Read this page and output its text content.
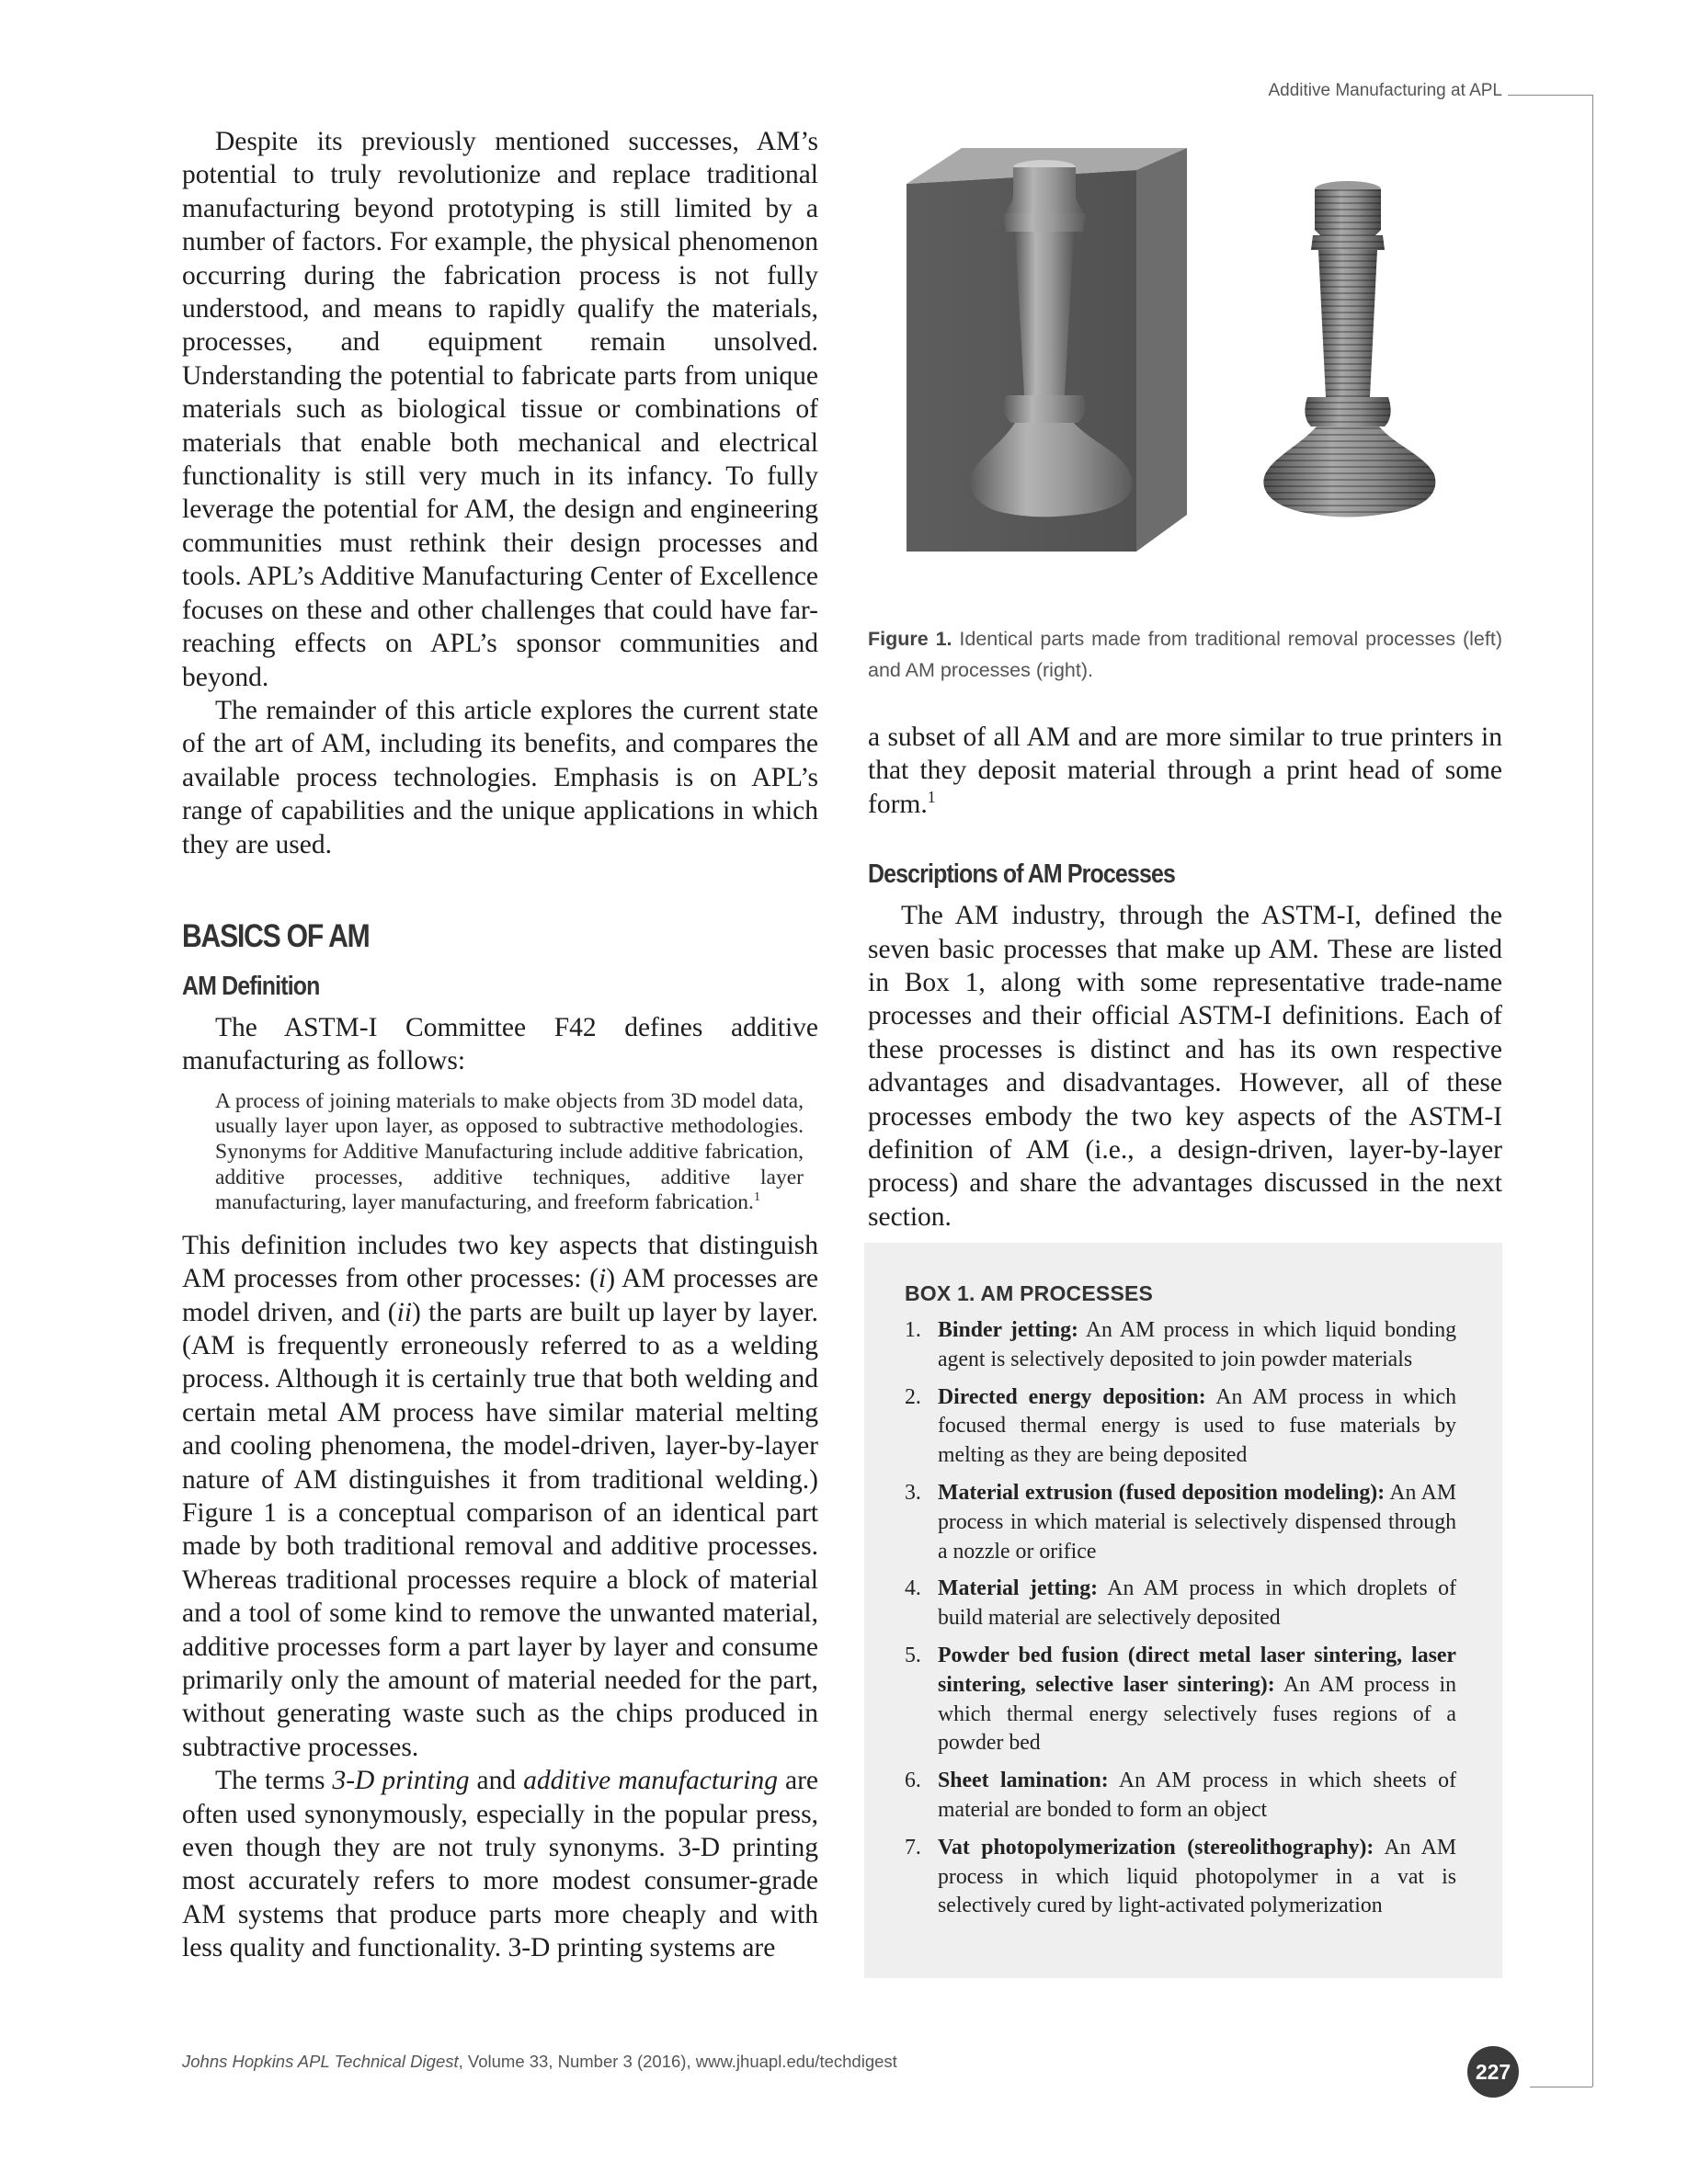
Additive Manufacturing at APL

Despite its previously mentioned successes, AM’s potential to truly revolutionize and replace traditional manufacturing beyond prototyping is still limited by a number of factors. For example, the physical phenomenon occurring during the fabrication process is not fully understood, and means to rapidly qualify the materials, processes, and equipment remain unsolved. Understanding the potential to fabricate parts from unique materials such as biological tissue or combinations of materials that enable both mechanical and electrical functionality is still very much in its infancy. To fully leverage the potential for AM, the design and engineering communities must rethink their design processes and tools. APL’s Additive Manufacturing Center of Excellence focuses on these and other challenges that could have far-reaching effects on APL’s sponsor communities and beyond.

The remainder of this article explores the current state of the art of AM, including its benefits, and compares the available process technologies. Emphasis is on APL’s range of capabilities and the unique applications in which they are used.

BASICS OF AM
AM Definition

The ASTM-I Committee F42 defines additive manufacturing as follows:

A process of joining materials to make objects from 3D model data, usually layer upon layer, as opposed to subtractive methodologies. Synonyms for Additive Manufacturing include additive fabrication, additive processes, additive techniques, additive layer manufacturing, layer manufacturing, and freeform fabrication.$^1$

This definition includes two key aspects that distinguish AM processes from other processes: (i) AM processes are model driven, and (ii) the parts are built up layer by layer. (AM is frequently erroneously referred to as a welding process. Although it is certainly true that both welding and certain metal AM process have similar material melting and cooling phenomena, the model-driven, layer-by-layer nature of AM distinguishes it from traditional welding.) Figure 1 is a conceptual comparison of an identical part made by both traditional removal and additive processes. Whereas traditional processes require a block of material and a tool of some kind to remove the unwanted material, additive processes form a part layer by layer and consume primarily only the amount of material needed for the part, without generating waste such as the chips produced in subtractive processes.

The terms 3-D printing and additive manufacturing are often used synonymously, especially in the popular press, even though they are not truly synonyms. 3-D printing most accurately refers to more modest consumer-grade AM systems that produce parts more cheaply and with less quality and functionality. 3-D printing systems are

Figure 1. Identical parts made from traditional removal processes (left) and AM processes (right).

a subset of all AM and are more similar to true printers in that they deposit material through a print head of some form.$^1$

Descriptions of AM Processes

The AM industry, through the ASTM-I, defined the seven basic processes that make up AM. These are listed in Box 1, along with some representative trade-name processes and their official ASTM-I definitions. Each of these processes is distinct and has its own respective advantages and disadvantages. However, all of these processes embody the two key aspects of the ASTM-I definition of AM (i.e., a design-driven, layer-by-layer process) and share the advantages discussed in the next section.

BOX 1. AM PROCESSES
1. Binder jetting: An AM process in which liquid bonding agent is selectively deposited to join powder materials
2. Directed energy deposition: An AM process in which focused thermal energy is used to fuse materials by melting as they are being deposited
3. Material extrusion (fused deposition modeling): An AM process in which material is selectively dispensed through a nozzle or orifice
4. Material jetting: An AM process in which droplets of build material are selectively deposited
5. Powder bed fusion (direct metal laser sintering, laser sintering, selective laser sintering): An AM process in which thermal energy selectively fuses regions of a powder bed
6. Sheet lamination: An AM process in which sheets of material are bonded to form an object
7. Vat photopolymerization (stereolithography): An AM process in which liquid photopolymer in a vat is selectively cured by light-activated polymerization
Johns Hopkins APL Technical Digest, Volume 33, Number 3 (2016), www.jhuapl.edu/techdigest	227
